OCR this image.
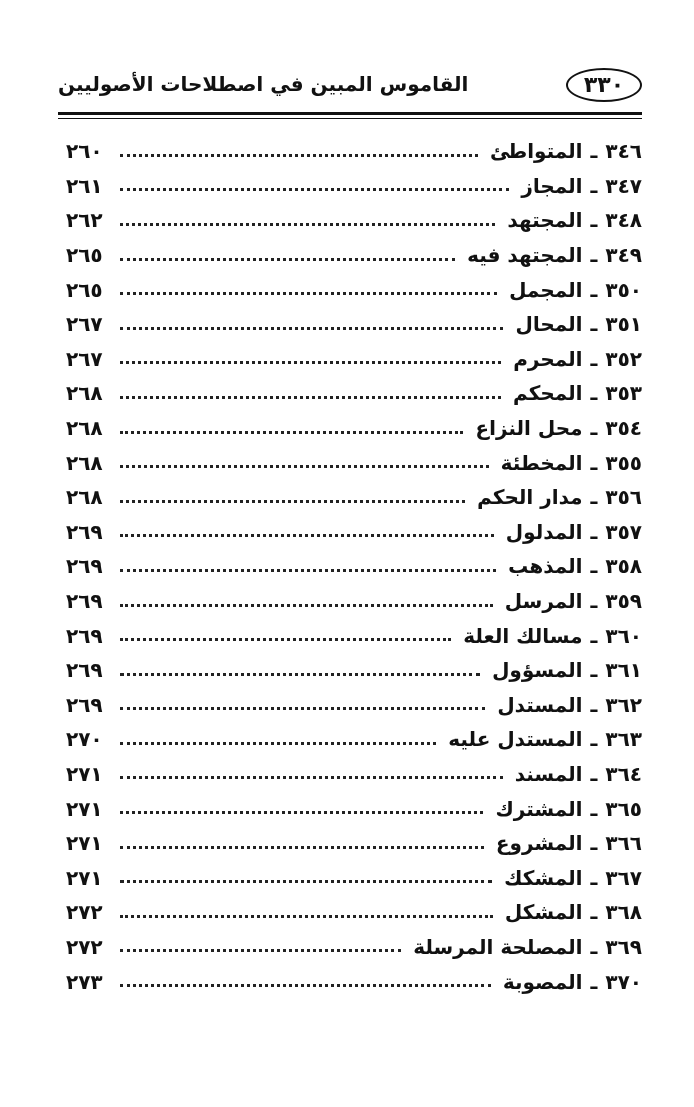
٣٣٠
القاموس المبين في اصطلاحات الأصوليين
٣٤٦
ـ
المتواطئ
٢٦٠
٣٤٧
ـ
المجاز
٢٦١
٣٤٨
ـ
المجتهد
٢٦٢
٣٤٩
ـ
المجتهد فيه
٢٦٥
٣٥٠
ـ
المجمل
٢٦٥
٣٥١
ـ
المحال
٢٦٧
٣٥٢
ـ
المحرم
٢٦٧
٣٥٣
ـ
المحكم
٢٦٨
٣٥٤
ـ
محل النزاع
٢٦٨
٣٥٥
ـ
المخطئة
٢٦٨
٣٥٦
ـ
مدار الحكم
٢٦٨
٣٥٧
ـ
المدلول
٢٦٩
٣٥٨
ـ
المذهب
٢٦٩
٣٥٩
ـ
المرسل
٢٦٩
٣٦٠
ـ
مسالك العلة
٢٦٩
٣٦١
ـ
المسؤول
٢٦٩
٣٦٢
ـ
المستدل
٢٦٩
٣٦٣
ـ
المستدل عليه
٢٧٠
٣٦٤
ـ
المسند
٢٧١
٣٦٥
ـ
المشترك
٢٧١
٣٦٦
ـ
المشروع
٢٧١
٣٦٧
ـ
المشكك
٢٧١
٣٦٨
ـ
المشكل
٢٧٢
٣٦٩
ـ
المصلحة المرسلة
٢٧٢
٣٧٠
ـ
المصوبة
٢٧٣
